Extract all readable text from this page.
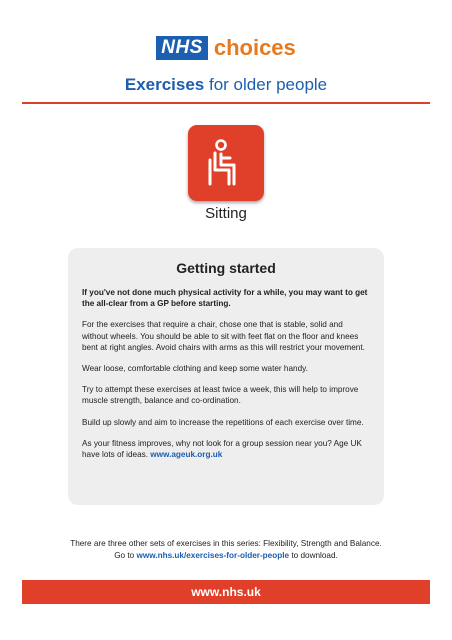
NHS choices
Exercises for older people
Sitting
Getting started

If you've not done much physical activity for a while, you may want to get the all-clear from a GP before starting.

For the exercises that require a chair, chose one that is stable, solid and without wheels. You should be able to sit with feet flat on the floor and knees bent at right angles. Avoid chairs with arms as this will restrict your movement.

Wear loose, comfortable clothing and keep some water handy.

Try to attempt these exercises at least twice a week, this will help to improve muscle strength, balance and co-ordination.

Build up slowly and aim to increase the repetitions of each exercise over time.

As your fitness improves, why not look for a group session near you? Age UK have lots of ideas. www.ageuk.org.uk

There are three other sets of exercises in this series: Flexibility, Strength and Balance.
Go to www.nhs.uk/exercises-for-older-people to download.
www.nhs.uk
